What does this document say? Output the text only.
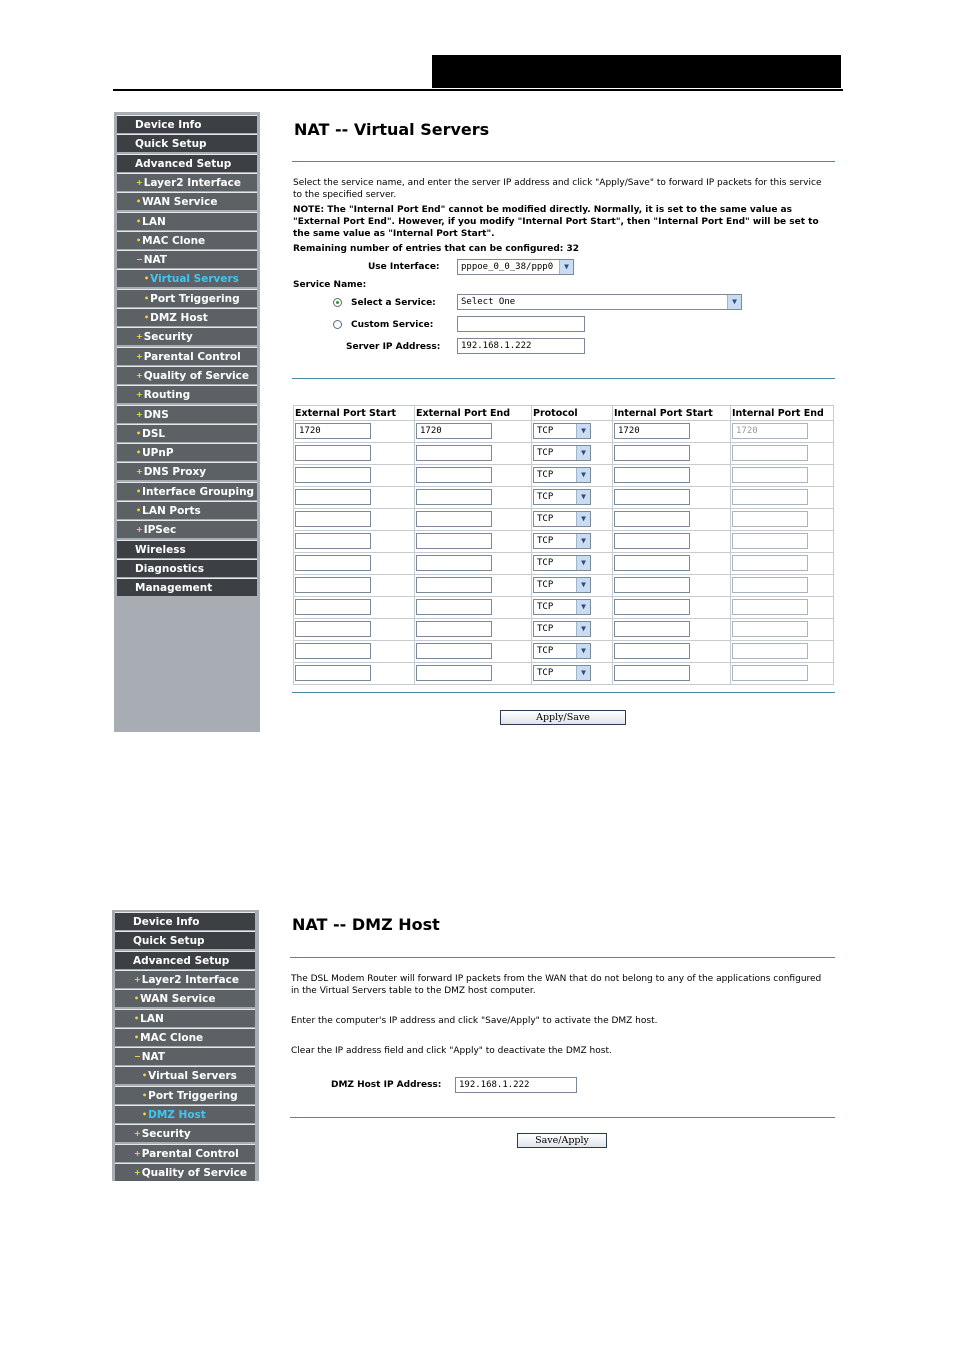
Device Info
Quick Setup
Advanced Setup
+Layer2 Interface
•WAN Service
•LAN
•MAC Clone
−NAT
•Virtual Servers
•Port Triggering
•DMZ Host
+Security
+Parental Control
+Quality of Service
+Routing
+DNS
•DSL
•UPnP
+DNS Proxy
•Interface Grouping
•LAN Ports
+IPSec
Wireless
Diagnostics
Management
NAT -- Virtual Servers
Select the service name, and enter the server IP address and click "Apply/Save" to forward IP packets for this service to the specified server.
NOTE: The "Internal Port End" cannot be modified directly. Normally, it is set to the same value as "External Port End". However, if you modify "Internal Port Start", then "Internal Port End" will be set to the same value as "Internal Port Start".
Remaining number of entries that can be configured: 32
Use Interface:	pppoe_0_0_38/ppp0	▼
Service Name:
Select a Service:	Select One	▼
Custom Service:
Server IP Address:	192.168.1.222
External Port Start	External Port End	Protocol	Internal Port Start	Internal Port End

1720	1720	TCP ▼	1720	1720

		TCP ▼		

		TCP ▼		

		TCP ▼		

		TCP ▼		

		TCP ▼		

		TCP ▼		

		TCP ▼		

		TCP ▼		

		TCP ▼		

		TCP ▼		

		TCP ▼		

Apply/Save
Device Info
Quick Setup
Advanced Setup
+Layer2 Interface
•WAN Service
•LAN
•MAC Clone
−NAT
•Virtual Servers
•Port Triggering
•DMZ Host
+Security
+Parental Control
+Quality of Service
NAT -- DMZ Host
The DSL Modem Router will forward IP packets from the WAN that do not belong to any of the applications configured in the Virtual Servers table to the DMZ host computer.
Enter the computer's IP address and click "Save/Apply" to activate the DMZ host.
Clear the IP address field and click "Apply" to deactivate the DMZ host.
DMZ Host IP Address:	192.168.1.222
Save/Apply
